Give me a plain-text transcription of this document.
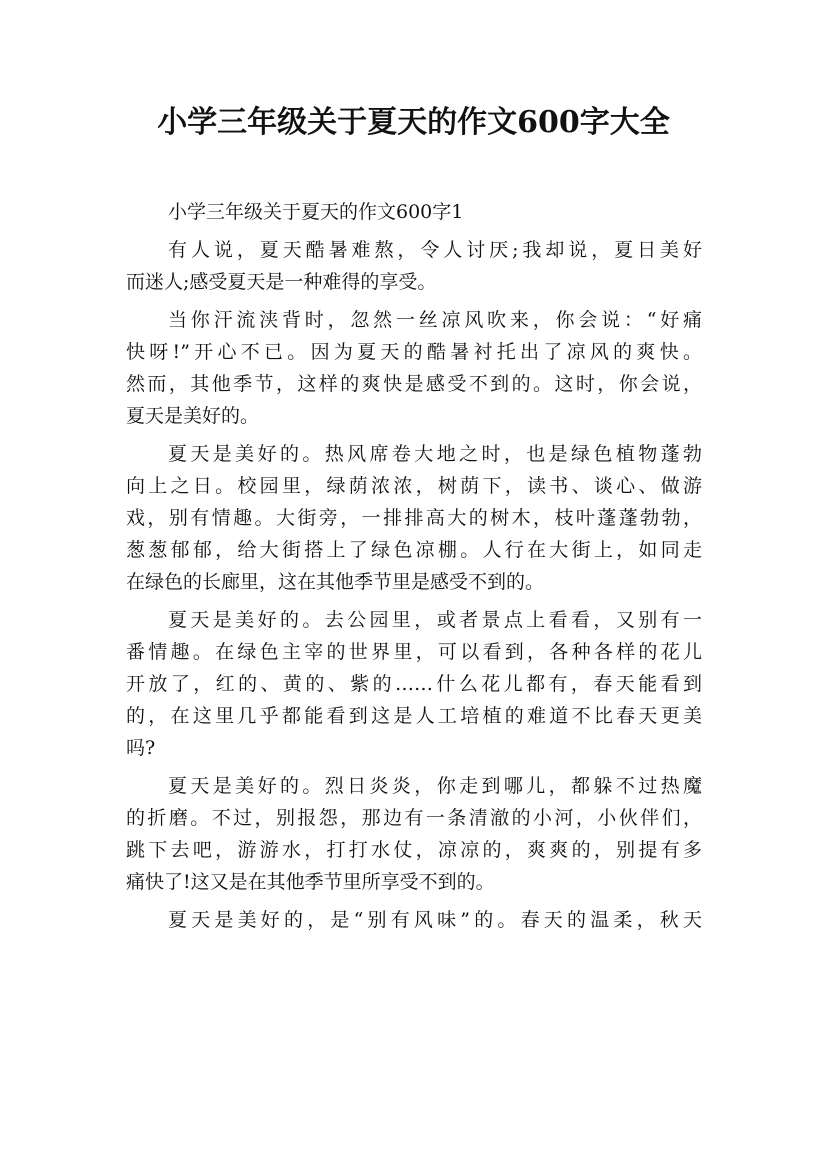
小学三年级关于夏天的作文600字大全
小学三年级关于夏天的作文600字1
有人说，夏天酷暑难熬，令人讨厌;我却说，夏日美好
而迷人;感受夏天是一种难得的享受。
当你汗流浃背时，忽然一丝凉风吹来，你会说：“好痛
快呀!”开心不已。因为夏天的酷暑衬托出了凉风的爽快。
然而，其他季节，这样的爽快是感受不到的。这时，你会说，
夏天是美好的。
夏天是美好的。热风席卷大地之时，也是绿色植物蓬勃
向上之日。校园里，绿荫浓浓，树荫下，读书、谈心、做游
戏，别有情趣。大街旁，一排排高大的树木，枝叶蓬蓬勃勃，
葱葱郁郁，给大街搭上了绿色凉棚。人行在大街上，如同走
在绿色的长廊里，这在其他季节里是感受不到的。
夏天是美好的。去公园里，或者景点上看看，又别有一
番情趣。在绿色主宰的世界里，可以看到，各种各样的花儿
开放了，红的、黄的、紫的……什么花儿都有，春天能看到
的，在这里几乎都能看到这是人工培植的难道不比春天更美
吗?
夏天是美好的。烈日炎炎，你走到哪儿，都躲不过热魔
的折磨。不过，别报怨，那边有一条清澈的小河，小伙伴们，
跳下去吧，游游水，打打水仗，凉凉的，爽爽的，别提有多
痛快了!这又是在其他季节里所享受不到的。
夏天是美好的，是“别有风味”的。春天的温柔，秋天
